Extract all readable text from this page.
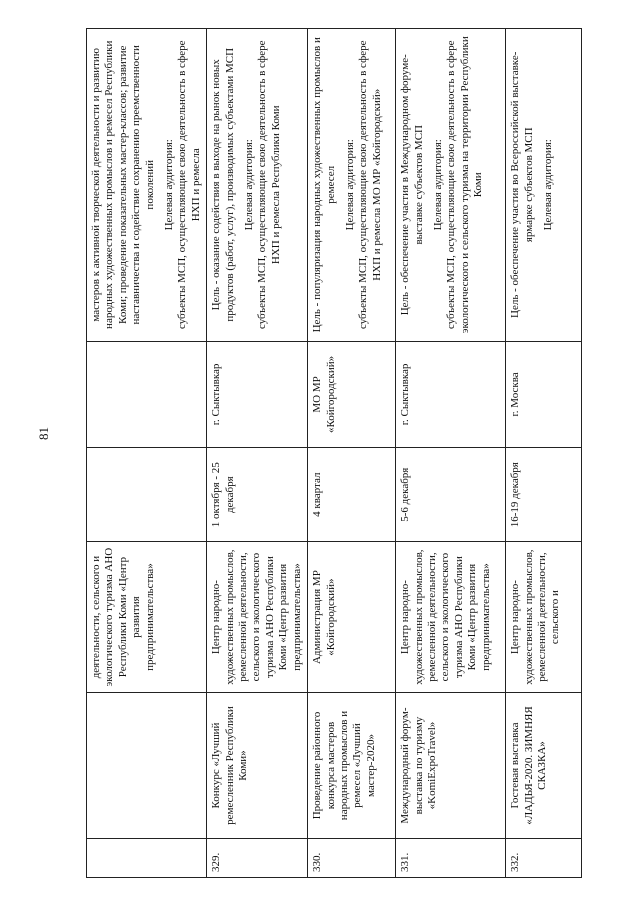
81
		деятельности, сельского и экологического туризма АНО Республики Коми «Центр развития предпринимательства»			мастеров к активной творческой деятельности и развитию народных художественных промыслов и ремесел Республики Коми; проведение показательных мастер-классов; развитие наставничества и содействие сохранению преемственности поколений Целевая аудитория:
субъекты МСП, осуществляющие свою деятельность в сфере НХП и ремесла
329.	Конкурс «Лучший ремесленник Республики Коми»	Центр народно-художественных промыслов, ремесленной деятельности, сельского и экологического туризма АНО Республики Коми «Центр развития предпринимательства»	1 октября - 25 декабря	г. Сыктывкар	Цель - оказание содействия в выходе на рынок новых продуктов (работ, услуг), производимых субъектами МСП Целевая аудитория:
субъекты МСП, осуществляющие свою деятельность в сфере НХП и ремесла Республики Коми
330.	Проведение районного конкурса мастеров народных промыслов и ремесел «Лучший мастер-2020»	Администрация МР «Койгородский»	4 квартал	МО МР «Койгородский»	Цель - популяризация народных художественных промыслов и ремесел Целевая аудитория:
субъекты МСП, осуществляющие свою деятельность в сфере НХП и ремесла МО МР «Койгородский»
331.	Международный форум-выставка по туризму «KomiExpoTravel»	Центр народно-художественных промыслов, ремесленной деятельности, сельского и экологического туризма АНО Республики Коми «Центр развития предпринимательства»	5-6 декабря	г. Сыктывкар	Цель - обеспечение участия в Международном форуме-выставке субъектов МСП Целевая аудитория:
субъекты МСП, осуществляющие свою деятельность в сфере экологического и сельского туризма на территории Республики Коми
332.	Гостевая выставка «ЛАДЬЯ-2020. ЗИМНЯЯ СКАЗКА»	Центр народно-художественных промыслов, ремесленной деятельности, сельского и	16-19 декабря	г. Москва	Цель - обеспечение участия во Всероссийской выставке-ярмарке субъектов МСП Целевая аудитория:
